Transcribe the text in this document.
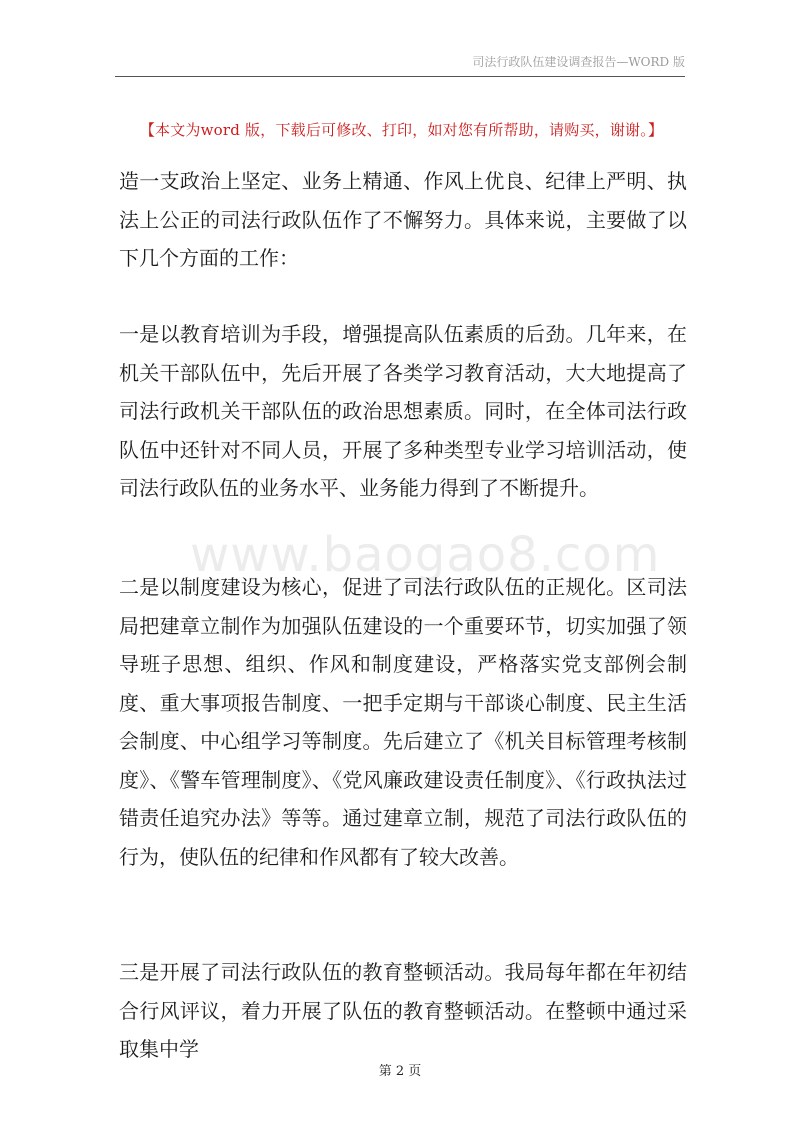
司法行政队伍建设调查报告—WORD 版
【本文为word 版，下载后可修改、打印，如对您有所帮助，请购买，谢谢。】

造一支政治上坚定、业务上精通、作风上优良、纪律上严明、执法上公正的司法行政队伍作了不懈努力。具体来说，主要做了以下几个方面的工作：

一是以教育培训为手段，增强提高队伍素质的后劲。几年来，在机关干部队伍中，先后开展了各类学习教育活动，大大地提高了司法行政机关干部队伍的政治思想素质。同时，在全体司法行政队伍中还针对不同人员，开展了多种类型专业学习培训活动，使司法行政队伍的业务水平、业务能力得到了不断提升。

www.baogao8.com

二是以制度建设为核心，促进了司法行政队伍的正规化。区司法局把建章立制作为加强队伍建设的一个重要环节，切实加强了领导班子思想、组织、作风和制度建设，严格落实党支部例会制度、重大事项报告制度、一把手定期与干部谈心制度、民主生活会制度、中心组学习等制度。先后建立了《机关目标管理考核制度》、《警车管理制度》、《党风廉政建设责任制度》、《行政执法过错责任追究办法》等等。通过建章立制，规范了司法行政队伍的行为，使队伍的纪律和作风都有了较大改善。

三是开展了司法行政队伍的教育整顿活动。我局每年都在年初结合行风评议，着力开展了队伍的教育整顿活动。在整顿中通过采取集中学

第 2 页
